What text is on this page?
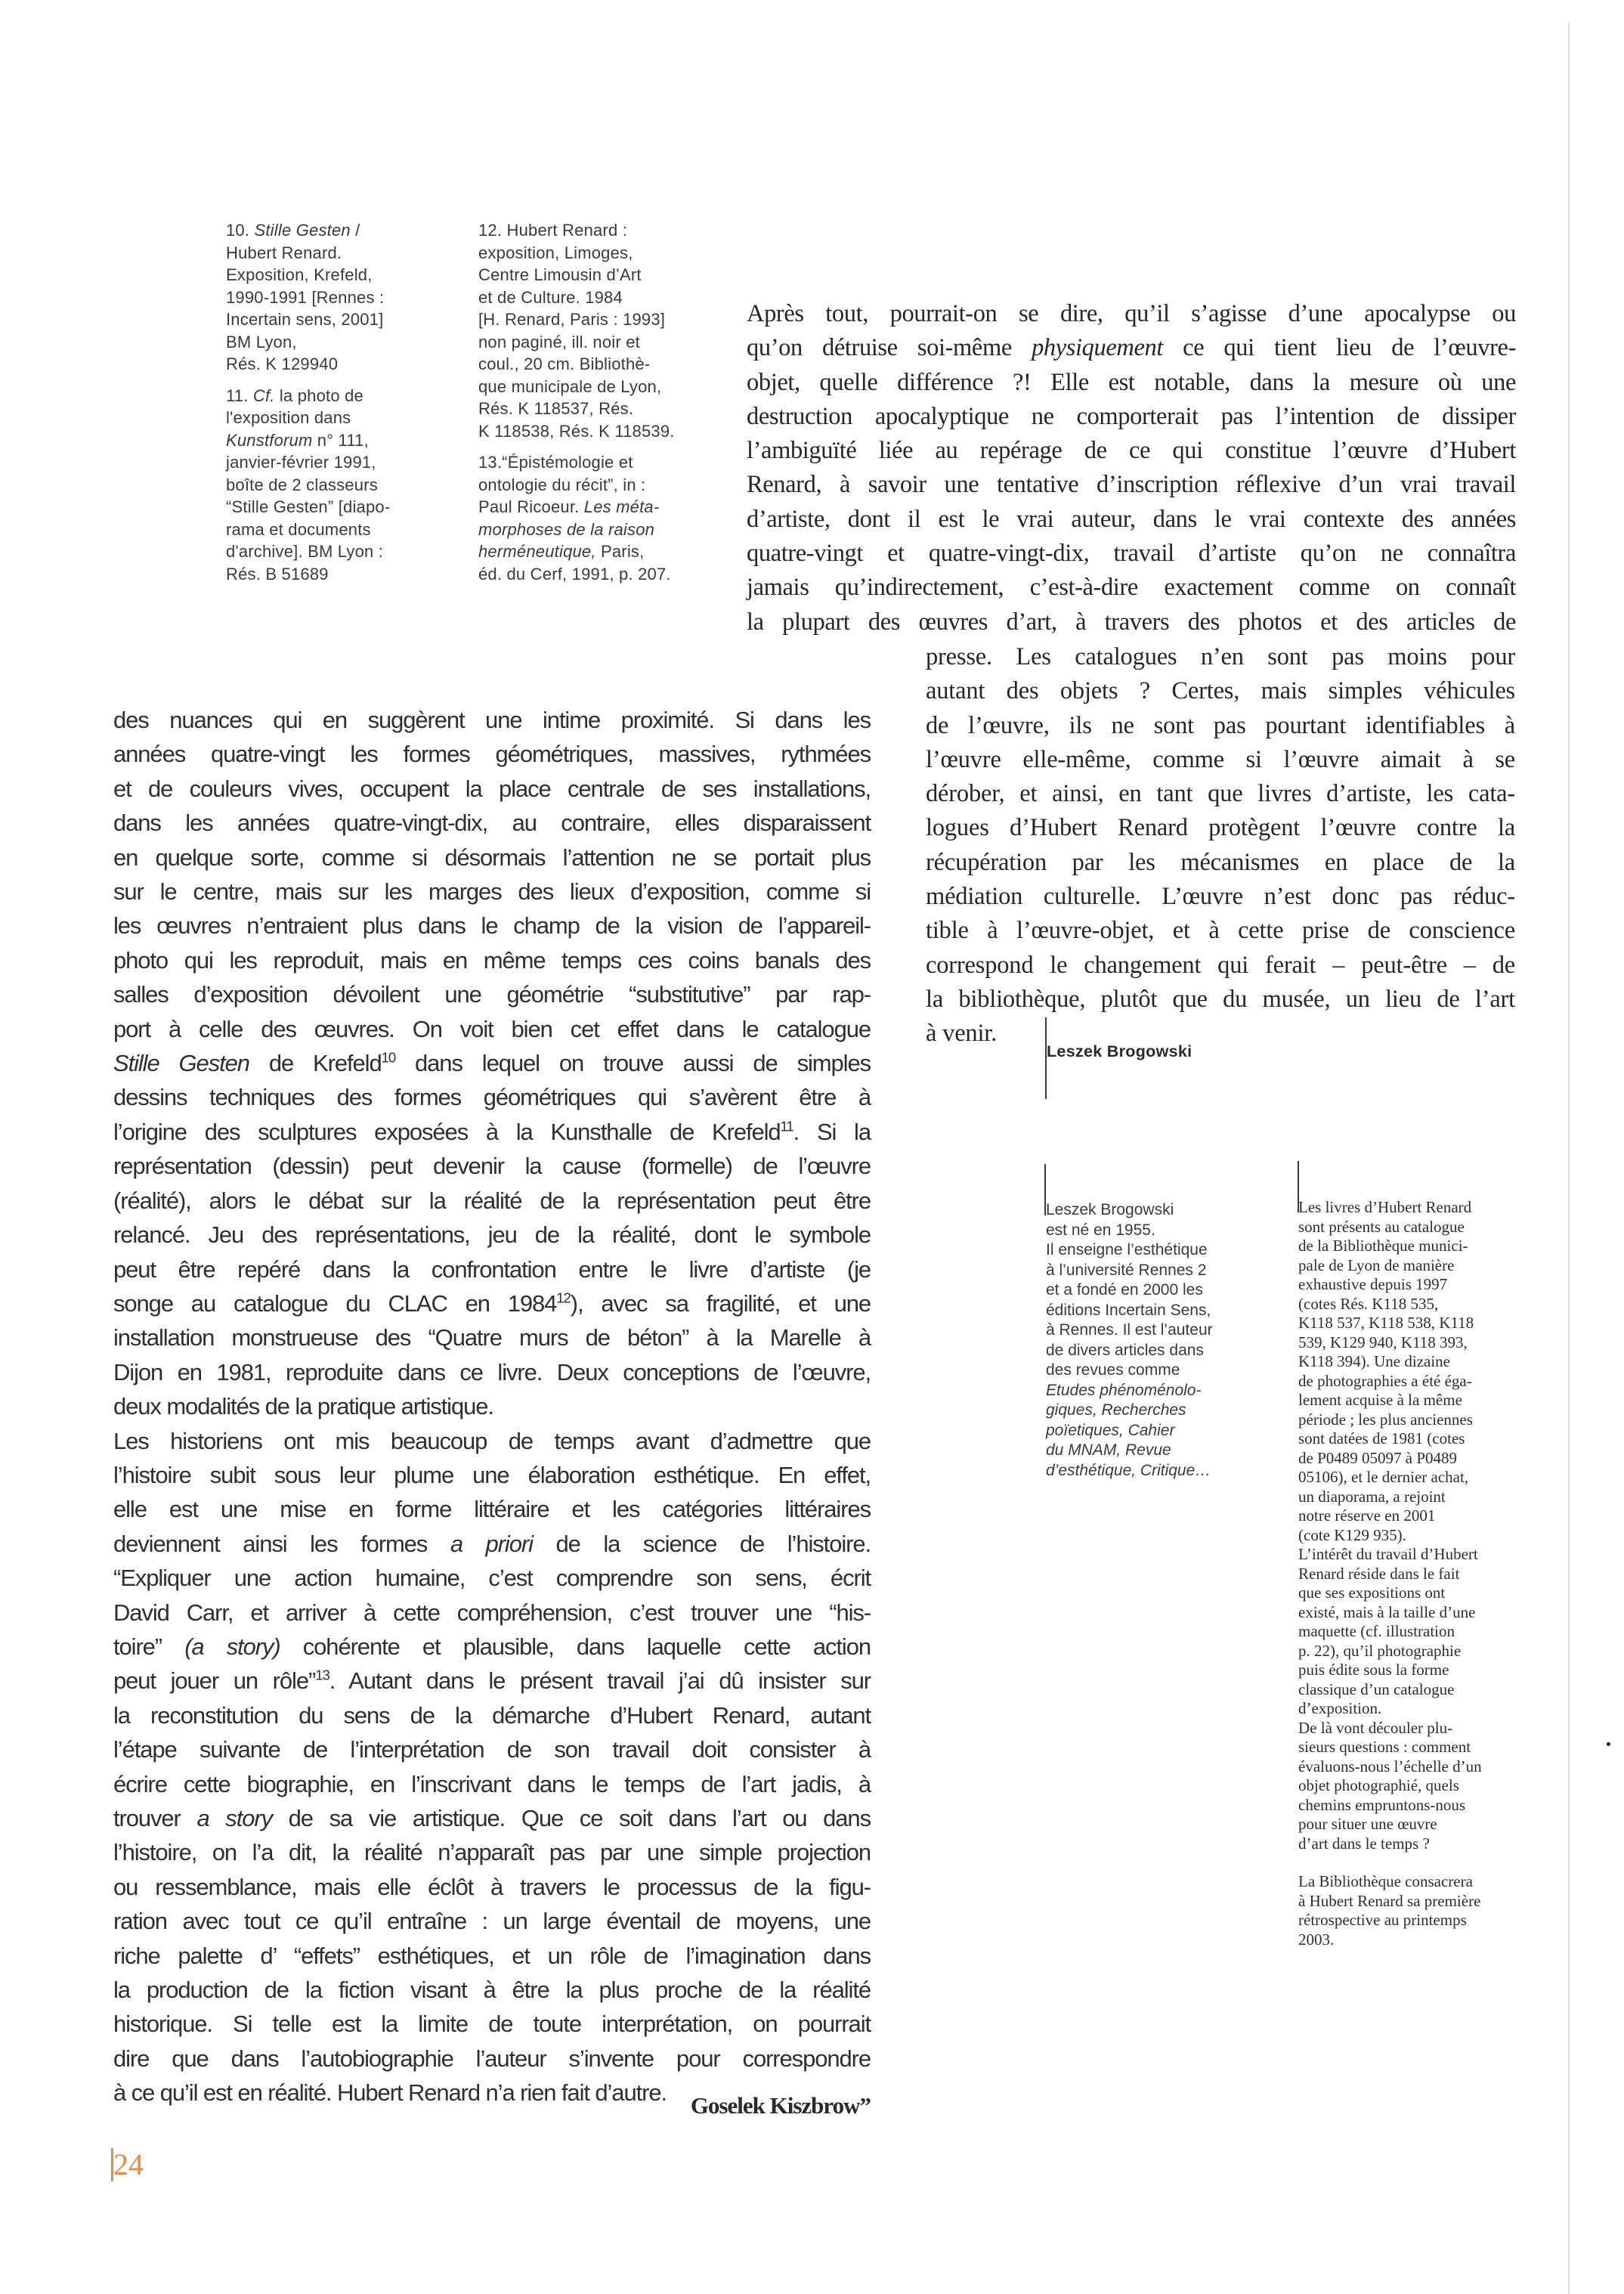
10. Stille Gesten /
Hubert Renard.
Exposition, Krefeld,
1990-1991 [Rennes :
Incertain sens, 2001]
BM Lyon,
Rés. K 129940
11. Cf. la photo de
l'exposition dans
Kunstforum n° 111,
janvier-février 1991,
boîte de 2 classeurs
“Stille Gesten” [diapo-
rama et documents
d'archive]. BM Lyon :
Rés. B 51689
12. Hubert Renard :
exposition, Limoges,
Centre Limousin d’Art
et de Culture. 1984
[H. Renard, Paris : 1993]
non paginé, ill. noir et
coul., 20 cm. Bibliothè-
que municipale de Lyon,
Rés. K 118537, Rés.
K 118538, Rés. K 118539.
13.“Épistémologie et
ontologie du récit”, in :
Paul Ricoeur. Les méta-
morphoses de la raison
herméneutique, Paris,
éd. du Cerf, 1991, p. 207.
Après tout, pourrait-on se dire, qu’il s’agisse d’une apocalypse ou
qu’on détruise soi-même physiquement ce qui tient lieu de l’œuvre-
objet, quelle différence ?! Elle est notable, dans la mesure où une
destruction apocalyptique ne comporterait pas l’intention de dissiper
l’ambiguïté liée au repérage de ce qui constitue l’œuvre d’Hubert
Renard, à savoir une tentative d’inscription réflexive d’un vrai travail
d’artiste, dont il est le vrai auteur, dans le vrai contexte des années
quatre-vingt et quatre-vingt-dix, travail d’artiste qu’on ne connaîtra
jamais qu’indirectement, c’est-à-dire exactement comme on connaît
la plupart des œuvres d’art, à travers des photos et des articles de
presse. Les catalogues n’en sont pas moins pour
autant des objets ? Certes, mais simples véhicules
de l’œuvre, ils ne sont pas pourtant identifiables à
l’œuvre elle-même, comme si l’œuvre aimait à se
dérober, et ainsi, en tant que livres d’artiste, les cata-
logues d’Hubert Renard protègent l’œuvre contre la
récupération par les mécanismes en place de la
médiation culturelle. L’œuvre n’est donc pas réduc-
tible à l’œuvre-objet, et à cette prise de conscience
correspond le changement qui ferait – peut-être – de
la bibliothèque, plutôt que du musée, un lieu de l’art
à venir.
Leszek Brogowski
des nuances qui en suggèrent une intime proximité. Si dans les
années quatre-vingt les formes géométriques, massives, rythmées
et de couleurs vives, occupent la place centrale de ses installations,
dans les années quatre-vingt-dix, au contraire, elles disparaissent
en quelque sorte, comme si désormais l’attention ne se portait plus
sur le centre, mais sur les marges des lieux d’exposition, comme si
les œuvres n’entraient plus dans le champ de la vision de l’appareil-
photo qui les reproduit, mais en même temps ces coins banals des
salles d’exposition dévoilent une géométrie “substitutive” par rap-
port à celle des œuvres. On voit bien cet effet dans le catalogue
Stille Gesten de Krefeld$^{10}$ dans lequel on trouve aussi de simples
dessins techniques des formes géométriques qui s’avèrent être à
l’origine des sculptures exposées à la Kunsthalle de Krefeld$^{11}$. Si la
représentation (dessin) peut devenir la cause (formelle) de l’œuvre
(réalité), alors le débat sur la réalité de la représentation peut être
relancé. Jeu des représentations, jeu de la réalité, dont le symbole
peut être repéré dans la confrontation entre le livre d’artiste (je
songe au catalogue du CLAC en 1984$^{12}$), avec sa fragilité, et une
installation monstrueuse des “Quatre murs de béton” à la Marelle à
Dijon en 1981, reproduite dans ce livre. Deux conceptions de l’œuvre,
deux modalités de la pratique artistique.
Les historiens ont mis beaucoup de temps avant d’admettre que
l’histoire subit sous leur plume une élaboration esthétique. En effet,
elle est une mise en forme littéraire et les catégories littéraires
deviennent ainsi les formes a priori de la science de l’histoire.
“Expliquer une action humaine, c’est comprendre son sens, écrit
David Carr, et arriver à cette compréhension, c’est trouver une “his-
toire” (a story) cohérente et plausible, dans laquelle cette action
peut jouer un rôle”$^{13}$. Autant dans le présent travail j’ai dû insister sur
la reconstitution du sens de la démarche d’Hubert Renard, autant
l’étape suivante de l’interprétation de son travail doit consister à
écrire cette biographie, en l’inscrivant dans le temps de l’art jadis, à
trouver a story de sa vie artistique. Que ce soit dans l’art ou dans
l’histoire, on l’a dit, la réalité n’apparaît pas par une simple projection
ou ressemblance, mais elle éclôt à travers le processus de la figu-
ration avec tout ce qu’il entraîne : un large éventail de moyens, une
riche palette d’ “effets” esthétiques, et un rôle de l’imagination dans
la production de la fiction visant à être la plus proche de la réalité
historique. Si telle est la limite de toute interprétation, on pourrait
dire que dans l’autobiographie l’auteur s’invente pour correspondre
à ce qu’il est en réalité. Hubert Renard n’a rien fait d’autre.	Goselek Kiszbrow”
Leszek Brogowski
est né en 1955.
Il enseigne l’esthétique
à l’université Rennes 2
et a fondé en 2000 les
éditions Incertain Sens,
à Rennes. Il est l’auteur
de divers articles dans
des revues comme
Etudes phénoménolo-
giques, Recherches
poïetiques, Cahier
du MNAM, Revue
d’esthétique, Critique…
Les livres d’Hubert Renard
sont présents au catalogue
de la Bibliothèque munici-
pale de Lyon de manière
exhaustive depuis 1997
(cotes Rés. K118 535,
K118 537, K118 538, K118
539, K129 940, K118 393,
K118 394). Une dizaine
de photographies a été éga-
lement acquise à la même
période ; les plus anciennes
sont datées de 1981 (cotes
de P0489 05097 à P0489
05106), et le dernier achat,
un diaporama, a rejoint
notre réserve en 2001
(cote K129 935).
L’intérêt du travail d’Hubert
Renard réside dans le fait
que ses expositions ont
existé, mais à la taille d’une
maquette (cf. illustration
p. 22), qu’il photographie
puis édite sous la forme
classique d’un catalogue
d’exposition.
De là vont découler plu-
sieurs questions : comment
évaluons-nous l’échelle d’un
objet photographié, quels
chemins empruntons-nous
pour situer une œuvre
d’art dans le temps ?
La Bibliothèque consacrera
à Hubert Renard sa première
rétrospective au printemps
2003.
24
